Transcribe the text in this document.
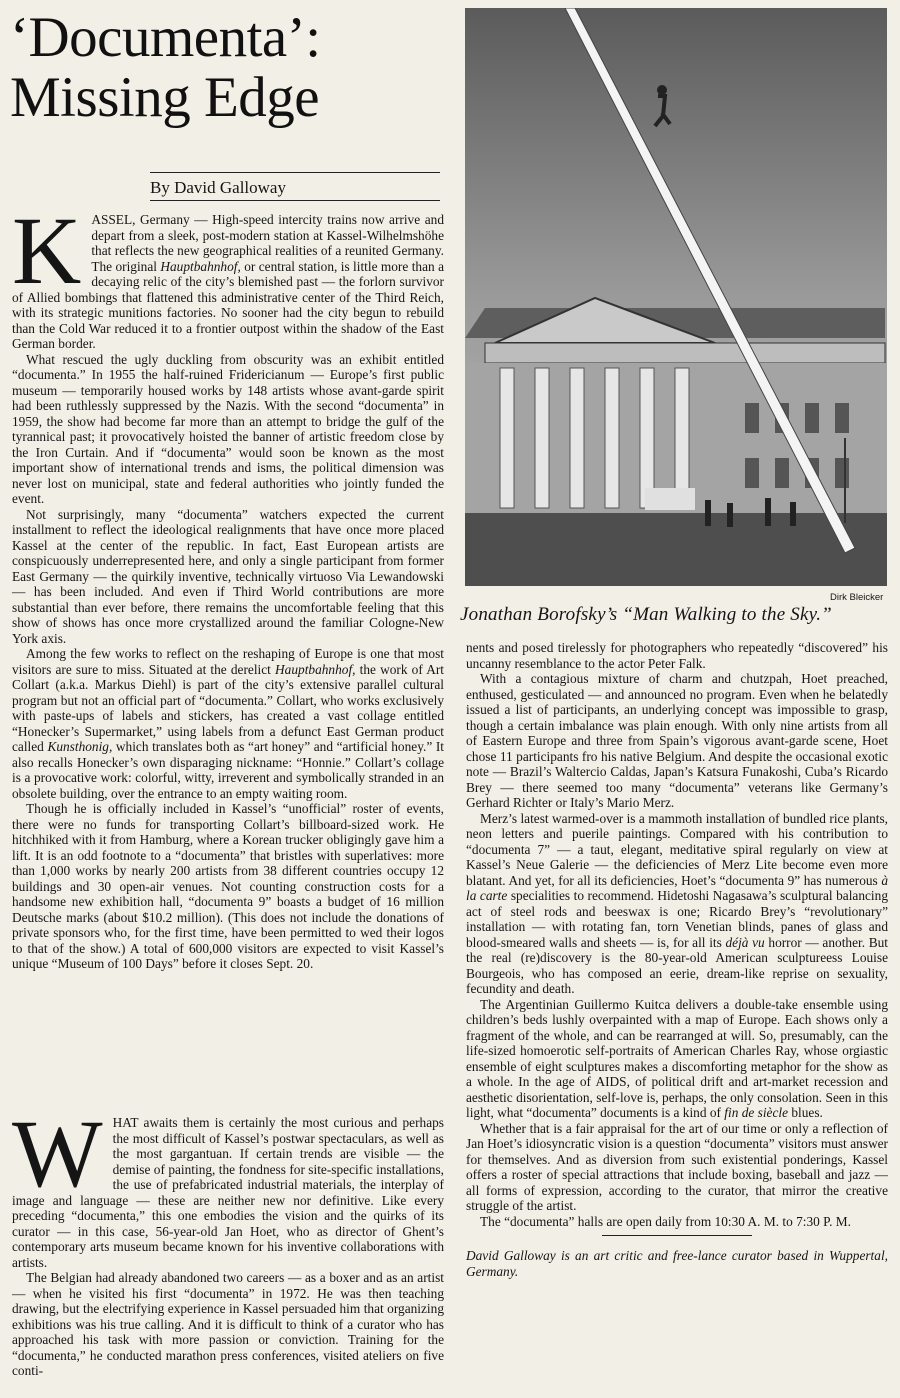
‘Documenta’:
Missing Edge
By David Galloway

KASSEL, Germany — High-speed intercity trains now arrive and depart from a sleek, post-modern station at Kassel-Wilhelmshöhe that reflects the new geographical realities of a reunited Germany. The original Hauptbahnhof, or central station, is little more than a decaying relic of the city’s blemished past — the forlorn survivor of Allied bombings that flattened this administrative center of the Third Reich, with its strategic munitions factories. No sooner had the city begun to rebuild than the Cold War reduced it to a frontier outpost within the shadow of the East German border.

What rescued the ugly duckling from obscurity was an exhibit entitled “documenta.” In 1955 the half-ruined Fridericianum — Europe’s first public museum — temporarily housed works by 148 artists whose avant-garde spirit had been ruthlessly suppressed by the Nazis. With the second “documenta” in 1959, the show had become far more than an attempt to bridge the gulf of the tyrannical past; it provocatively hoisted the banner of artistic freedom close by the Iron Curtain. And if “documenta” would soon be known as the most important show of international trends and isms, the political dimension was never lost on municipal, state and federal authorities who jointly funded the event.

Not surprisingly, many “documenta” watchers expected the current installment to reflect the ideological realignments that have once more placed Kassel at the center of the republic. In fact, East European artists are conspicuously underrepresented here, and only a single participant from former East Germany — the quirkily inventive, technically virtuoso Via Lewandowski — has been included. And even if Third World contributions are more substantial than ever before, there remains the uncomfortable feeling that this show of shows has once more crystallized around the familiar Cologne-New York axis.

Among the few works to reflect on the reshaping of Europe is one that most visitors are sure to miss. Situated at the derelict Hauptbahnhof, the work of Art Collart (a.k.a. Markus Diehl) is part of the city’s extensive parallel cultural program but not an official part of “documenta.” Collart, who works exclusively with paste-ups of labels and stickers, has created a vast collage entitled “Honecker’s Supermarket,” using labels from a defunct East German product called Kunsthonig, which translates both as “art honey” and “artificial honey.” It also recalls Honecker’s own disparaging nickname: “Honnie.” Collart’s collage is a provocative work: colorful, witty, irreverent and symbolically stranded in an obsolete building, over the entrance to an empty waiting room.

Though he is officially included in Kassel’s “unofficial” roster of events, there were no funds for transporting Collart’s billboard-sized work. He hitchhiked with it from Hamburg, where a Korean trucker obligingly gave him a lift. It is an odd footnote to a “documenta” that bristles with superlatives: more than 1,000 works by nearly 200 artists from 38 different countries occupy 12 buildings and 30 open-air venues. Not counting construction costs for a handsome new exhibition hall, “documenta 9” boasts a budget of 16 million Deutsche marks (about $10.2 million). (This does not include the donations of private sponsors who, for the first time, have been permitted to wed their logos to that of the show.) A total of 600,000 visitors are expected to visit Kassel’s unique “Museum of 100 Days” before it closes Sept. 20.

WHAT awaits them is certainly the most curious and perhaps the most difficult of Kassel’s postwar spectaculars, as well as the most gargantuan. If certain trends are visible — the demise of painting, the fondness for site-specific installations, the use of prefabricated industrial materials, the interplay of image and language — these are neither new nor definitive. Like every preceding “documenta,” this one embodies the vision and the quirks of its curator — in this case, 56-year-old Jan Hoet, who as director of Ghent’s contemporary arts museum became known for his inventive collaborations with artists.

The Belgian had already abandoned two careers — as a boxer and as an artist — when he visited his first “documenta” in 1972. He was then teaching drawing, but the electrifying experience in Kassel persuaded him that organizing exhibitions was his true calling. And it is difficult to think of a curator who has approached his task with more passion or conviction. Training for the “documenta,” he conducted marathon press conferences, visited ateliers on five conti-

Dirk Bleicker
Jonathan Borofsky’s “Man Walking to the Sky.”

nents and posed tirelessly for photographers who repeatedly “discovered” his uncanny resemblance to the actor Peter Falk.

With a contagious mixture of charm and chutzpah, Hoet preached, enthused, gesticulated — and announced no program. Even when he belatedly issued a list of participants, an underlying concept was impossible to grasp, though a certain imbalance was plain enough. With only nine artists from all of Eastern Europe and three from Spain’s vigorous avant-garde scene, Hoet chose 11 participants fro his native Belgium. And despite the occasional exotic note — Brazil’s Waltercio Caldas, Japan’s Katsura Funakoshi, Cuba’s Ricardo Brey — there seemed too many “documenta” veterans like Germany’s Gerhard Richter or Italy’s Mario Merz.

Merz’s latest warmed-over is a mammoth installation of bundled rice plants, neon letters and puerile paintings. Compared with his contribution to “documenta 7” — a taut, elegant, meditative spiral regularly on view at Kassel’s Neue Galerie — the deficiencies of Merz Lite become even more blatant. And yet, for all its deficiencies, Hoet’s “documenta 9” has numerous à la carte specialities to recommend. Hidetoshi Nagasawa’s sculptural balancing act of steel rods and beeswax is one; Ricardo Brey’s “revolutionary” installation — with rotating fan, torn Venetian blinds, panes of glass and blood-smeared walls and sheets — is, for all its déjà vu horror — another. But the real (re)discovery is the 80-year-old American sculptureess Louise Bourgeois, who has composed an eerie, dream-like reprise on sexuality, fecundity and death.

The Argentinian Guillermo Kuitca delivers a double-take ensemble using children’s beds lushly overpainted with a map of Europe. Each shows only a fragment of the whole, and can be rearranged at will. So, presumably, can the life-sized homoerotic self-portraits of American Charles Ray, whose orgiastic ensemble of eight sculptures makes a discomforting metaphor for the show as a whole. In the age of AIDS, of political drift and art-market recession and aesthetic disorientation, self-love is, perhaps, the only consolation. Seen in this light, what “documenta” documents is a kind of fin de siècle blues.

Whether that is a fair appraisal for the art of our time or only a reflection of Jan Hoet’s idiosyncratic vision is a question “documenta” visitors must answer for themselves. And as diversion from such existential ponderings, Kassel offers a roster of special attractions that include boxing, baseball and jazz — all forms of expression, according to the curator, that mirror the creative struggle of the artist.

The “documenta” halls are open daily from 10:30 A. M. to 7:30 P. M.

David Galloway is an art critic and free-lance curator based in Wuppertal, Germany.
